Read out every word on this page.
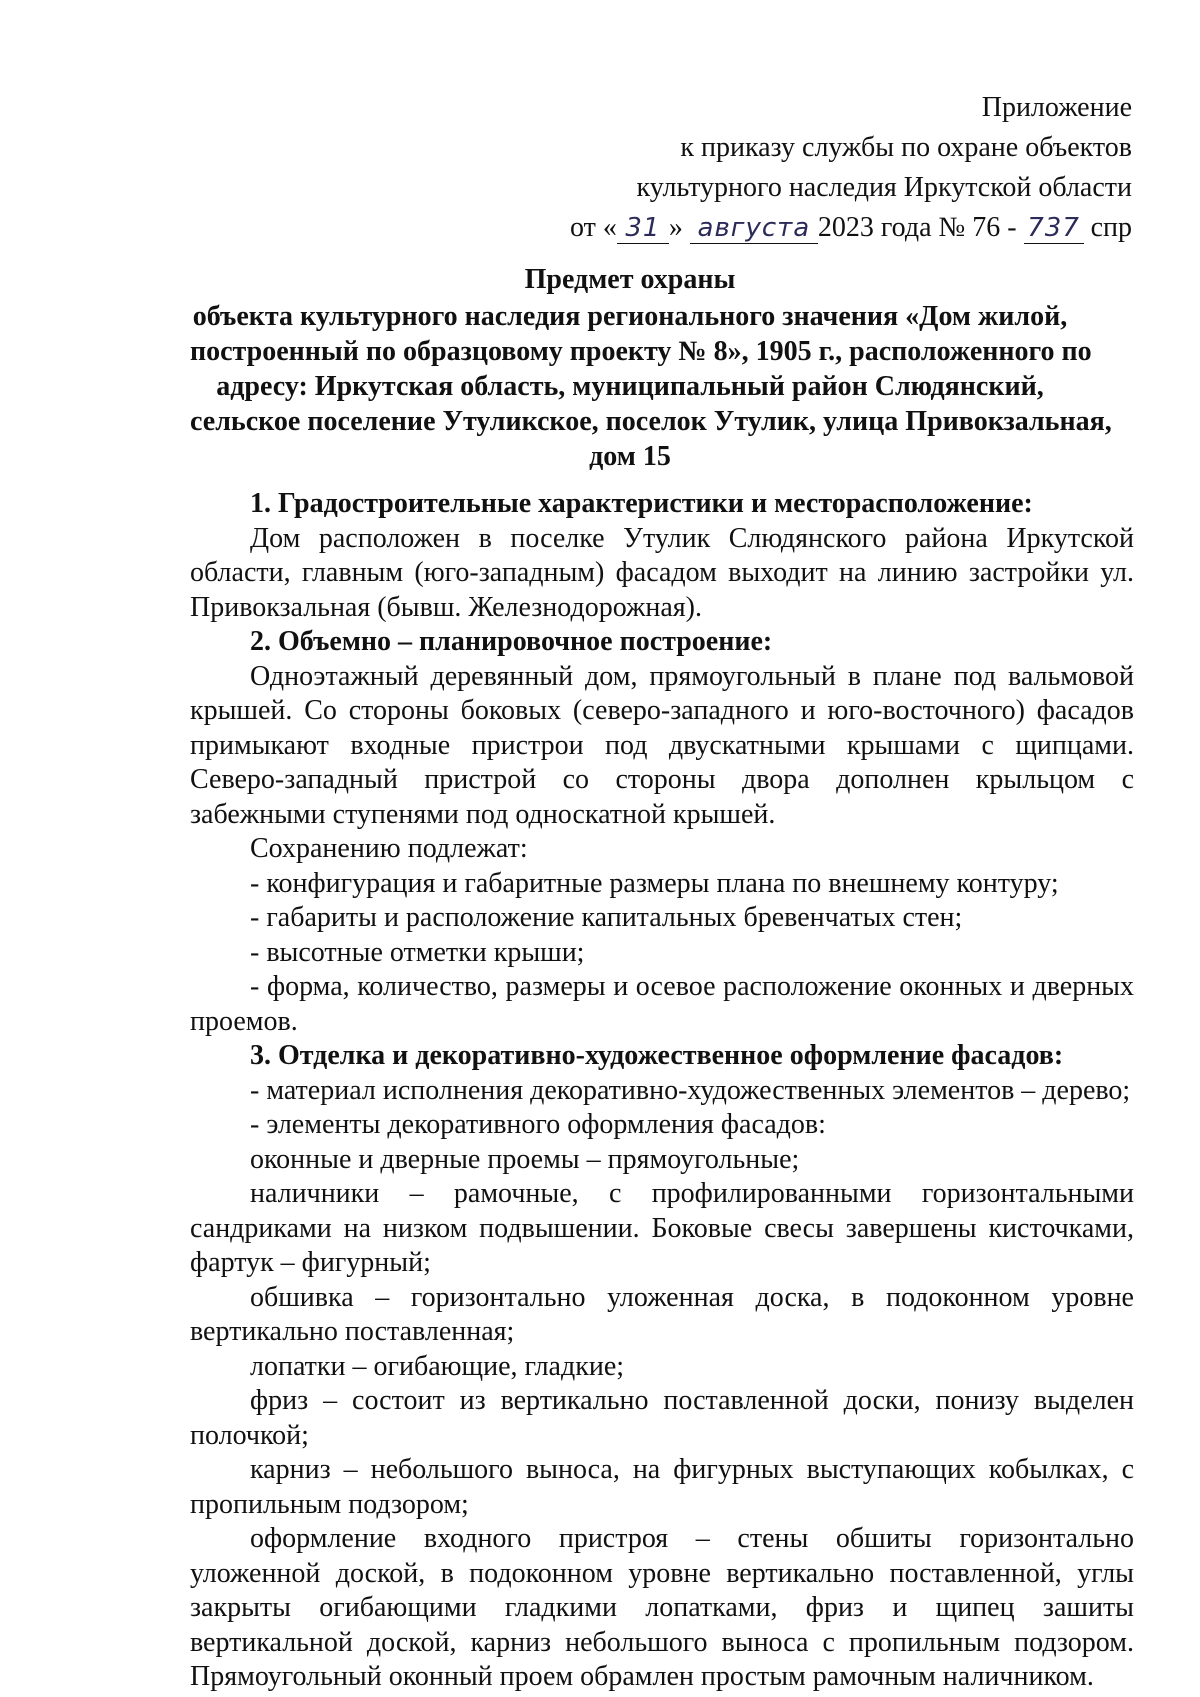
Приложение
к приказу службы по охране объектов
культурного наследия Иркутской области
от « 31 » августа 2023 года № 76 - 737 спр
Предмет охраны
объекта культурного наследия регионального значения «Дом жилой,
построенный по образцовому проекту № 8», 1905 г., расположенного по
адресу: Иркутская область, муниципальный район Слюдянский,
сельское поселение Утуликское, поселок Утулик, улица Привокзальная,
дом 15

1. Градостроительные характеристики и месторасположение:

Дом расположен в поселке Утулик Слюдянского района Иркутской области, главным (юго-западным) фасадом выходит на линию застройки ул. Привокзальная (бывш. Железнодорожная).

2. Объемно – планировочное построение:

Одноэтажный деревянный дом, прямоугольный в плане под вальмовой крышей. Со стороны боковых (северо-западного и юго-восточного) фасадов примыкают входные пристрои под двускатными крышами с щипцами. Северо-западный пристрой со стороны двора дополнен крыльцом с забежными ступенями под односкатной крышей.

Сохранению подлежат:

- конфигурация и габаритные размеры плана по внешнему контуру;

- габариты и расположение капитальных бревенчатых стен;

- высотные отметки крыши;

- форма, количество, размеры и осевое расположение оконных и дверных проемов.

3. Отделка и декоративно-художественное оформление фасадов:

- материал исполнения декоративно-художественных элементов – дерево;

- элементы декоративного оформления фасадов:

оконные и дверные проемы – прямоугольные;

наличники – рамочные, с профилированными горизонтальными сандриками на низком подвышении. Боковые свесы завершены кисточками, фартук – фигурный;

обшивка – горизонтально уложенная доска, в подоконном уровне вертикально поставленная;

лопатки – огибающие, гладкие;

фриз – состоит из вертикально поставленной доски, понизу выделен полочкой;

карниз – небольшого выноса, на фигурных выступающих кобылках, с пропильным подзором;

оформление входного пристроя – стены обшиты горизонтально уложенной доской, в подоконном уровне вертикально поставленной, углы закрыты огибающими гладкими лопатками, фриз и щипец зашиты вертикальной доской, карниз небольшого выноса с пропильным подзором. Прямоугольный оконный проем обрамлен простым рамочным наличником.
